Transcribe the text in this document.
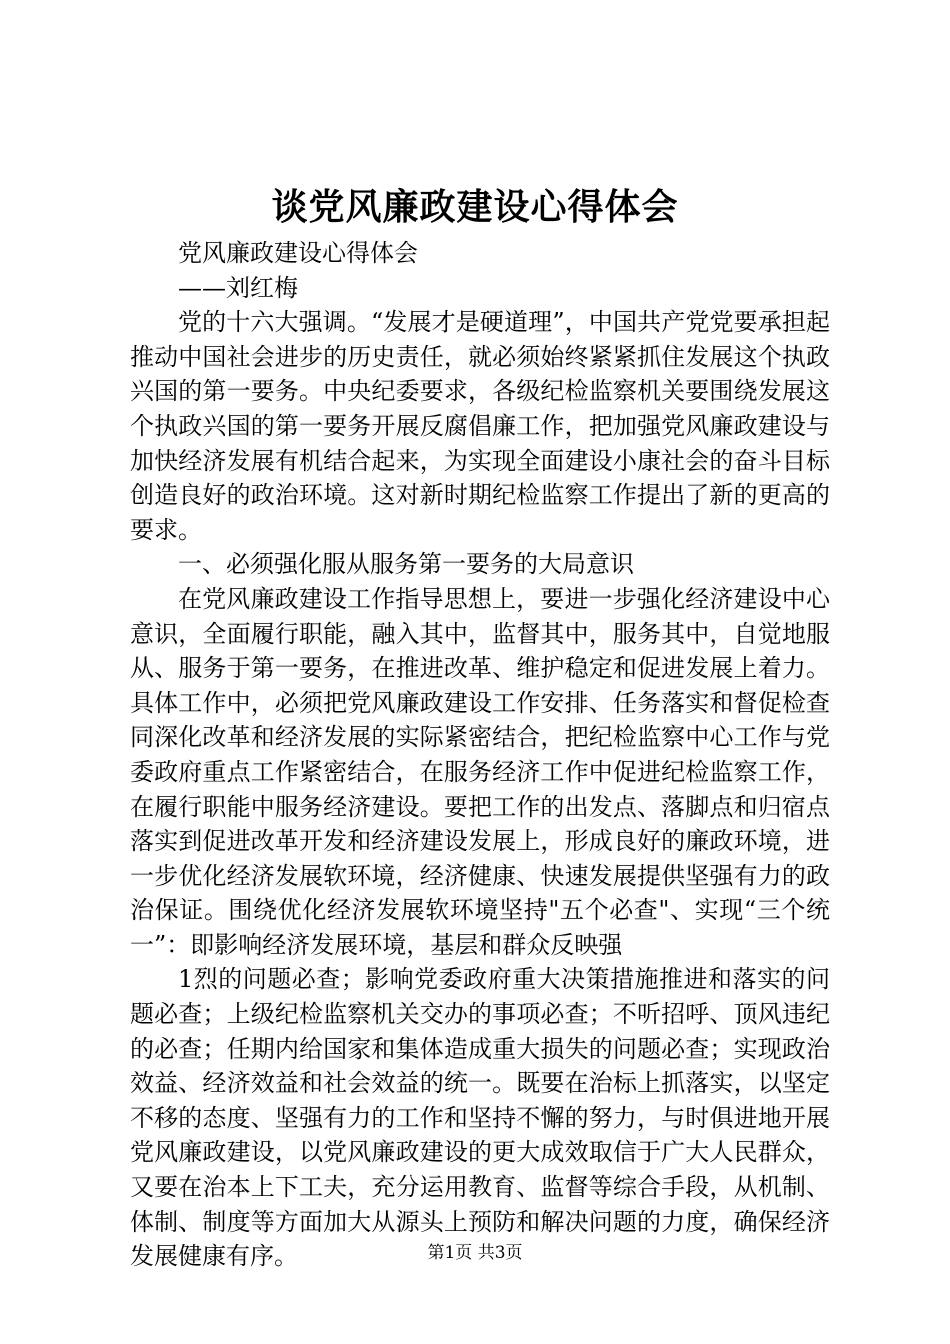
谈党风廉政建设心得体会

党风廉政建设心得体会

——刘红梅

党的十六大强调。“发展才是硬道理”，中国共产党党要承担起推动中国社会进步的历史责任，就必须始终紧紧抓住发展这个执政兴国的第一要务。中央纪委要求，各级纪检监察机关要围绕发展这个执政兴国的第一要务开展反腐倡廉工作，把加强党风廉政建设与加快经济发展有机结合起来，为实现全面建设小康社会的奋斗目标创造良好的政治环境。这对新时期纪检监察工作提出了新的更高的要求。

一、必须强化服从服务第一要务的大局意识

在党风廉政建设工作指导思想上，要进一步强化经济建设中心意识，全面履行职能，融入其中，监督其中，服务其中，自觉地服从、服务于第一要务，在推进改革、维护稳定和促进发展上着力。具体工作中，必须把党风廉政建设工作安排、任务落实和督促检查同深化改革和经济发展的实际紧密结合，把纪检监察中心工作与党委政府重点工作紧密结合，在服务经济工作中促进纪检监察工作，在履行职能中服务经济建设。要把工作的出发点、落脚点和归宿点落实到促进改革开发和经济建设发展上，形成良好的廉政环境，进一步优化经济发展软环境，经济健康、快速发展提供坚强有力的政治保证。围绕优化经济发展软环境坚持"五个必查"、实现“三个统一”：即影响经济发展环境，基层和群众反映强

1烈的问题必查；影响党委政府重大决策措施推进和落实的问题必查；上级纪检监察机关交办的事项必查；不听招呼、顶风违纪的必查；任期内给国家和集体造成重大损失的问题必查；实现政治效益、经济效益和社会效益的统一。既要在治标上抓落实，以坚定不移的态度、坚强有力的工作和坚持不懈的努力，与时俱进地开展党风廉政建设，以党风廉政建设的更大成效取信于广大人民群众，又要在治本上下工夫，充分运用教育、监督等综合手段，从机制、体制、制度等方面加大从源头上预防和解决问题的力度，确保经济发展健康有序。	第1页 共3页
